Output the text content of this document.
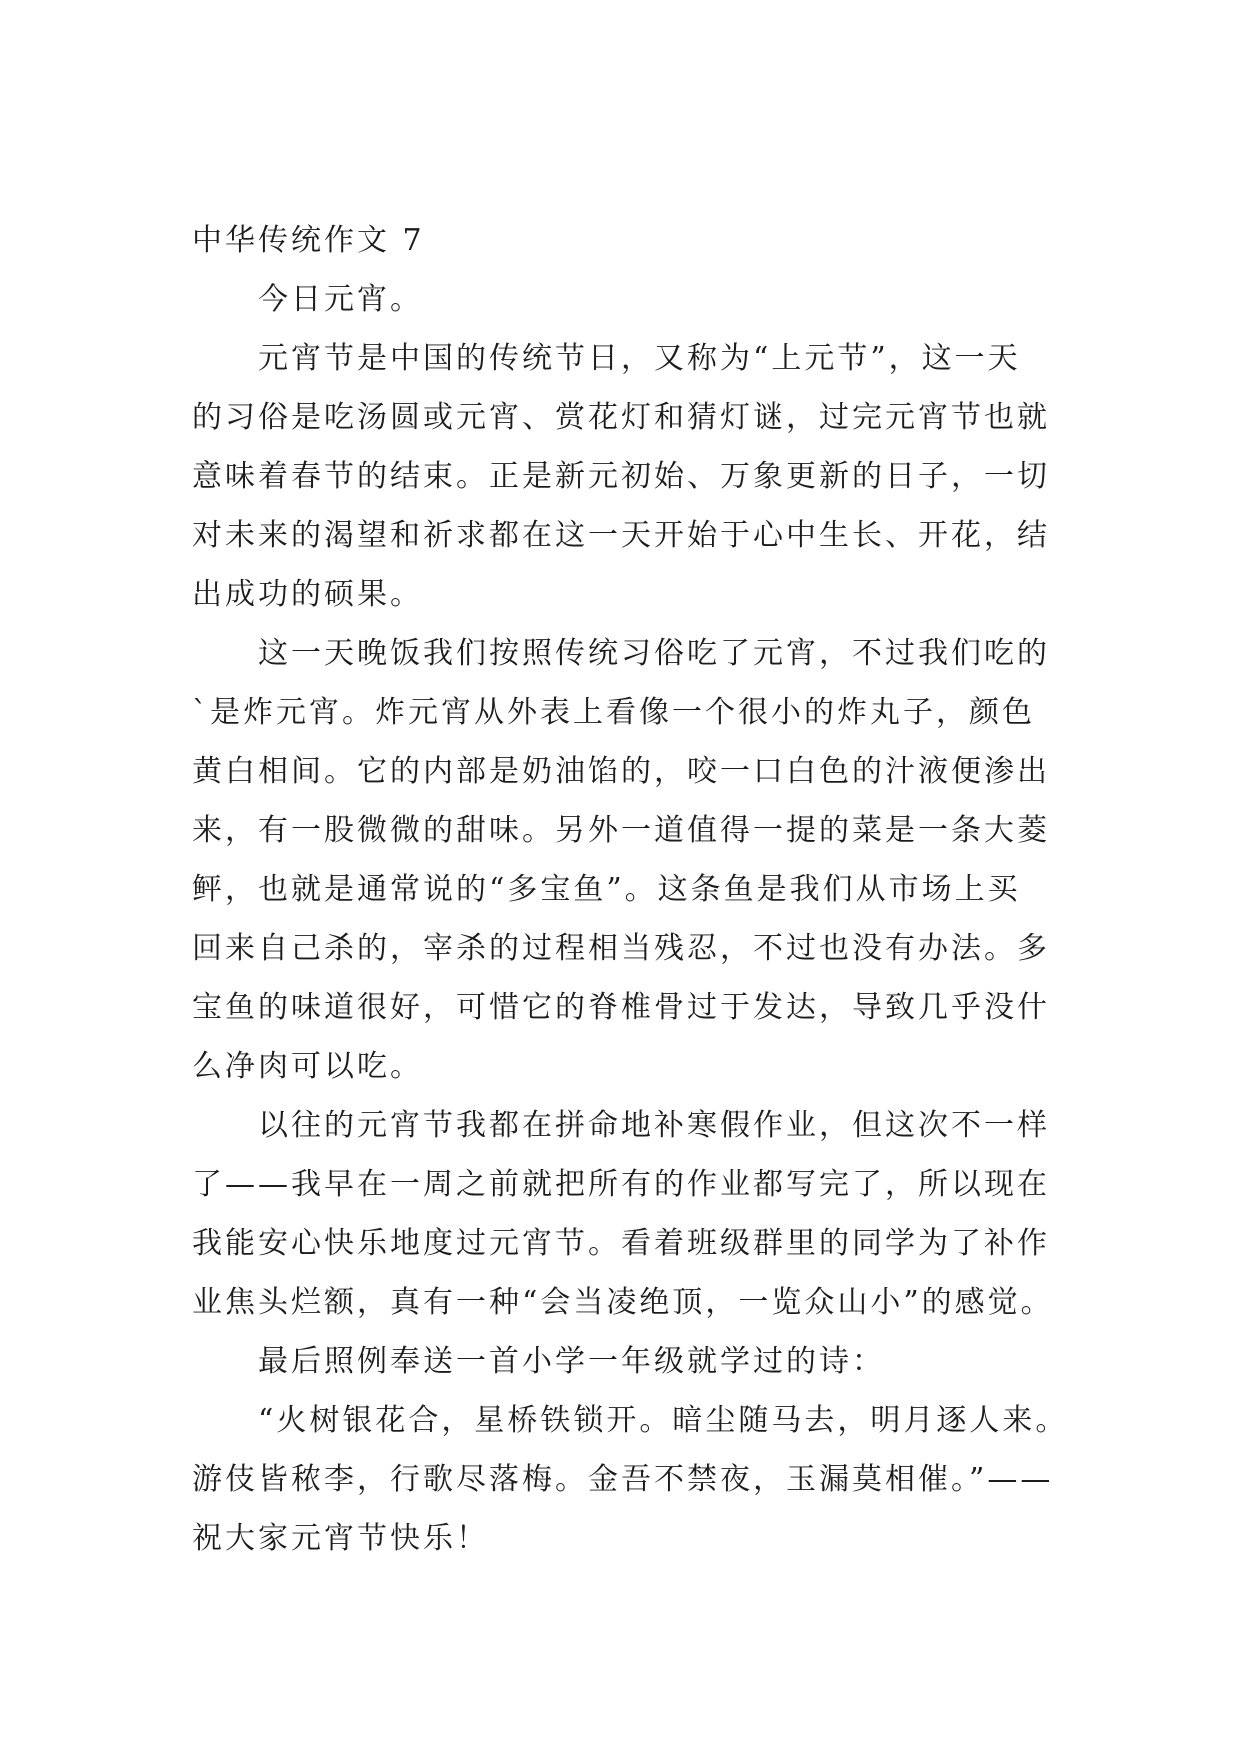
中华传统作文 7
今日元宵。
元宵节是中国的传统节日，又称为“上元节”，这一天
的习俗是吃汤圆或元宵、赏花灯和猜灯谜，过完元宵节也就
意味着春节的结束。正是新元初始、万象更新的日子，一切
对未来的渴望和祈求都在这一天开始于心中生长、开花，结
出成功的硕果。
这一天晚饭我们按照传统习俗吃了元宵，不过我们吃的
`是炸元宵。炸元宵从外表上看像一个很小的炸丸子，颜色
黄白相间。它的内部是奶油馅的，咬一口白色的汁液便渗出
来，有一股微微的甜味。另外一道值得一提的菜是一条大菱
鲆，也就是通常说的“多宝鱼”。这条鱼是我们从市场上买
回来自己杀的，宰杀的过程相当残忍，不过也没有办法。多
宝鱼的味道很好，可惜它的脊椎骨过于发达，导致几乎没什
么净肉可以吃。
以往的元宵节我都在拼命地补寒假作业，但这次不一样
了——我早在一周之前就把所有的作业都写完了，所以现在
我能安心快乐地度过元宵节。看着班级群里的同学为了补作
业焦头烂额，真有一种“会当凌绝顶，一览众山小”的感觉。
最后照例奉送一首小学一年级就学过的诗：
“火树银花合，星桥铁锁开。暗尘随马去，明月逐人来。
游伎皆秾李，行歌尽落梅。金吾不禁夜，玉漏莫相催。”——
祝大家元宵节快乐！
